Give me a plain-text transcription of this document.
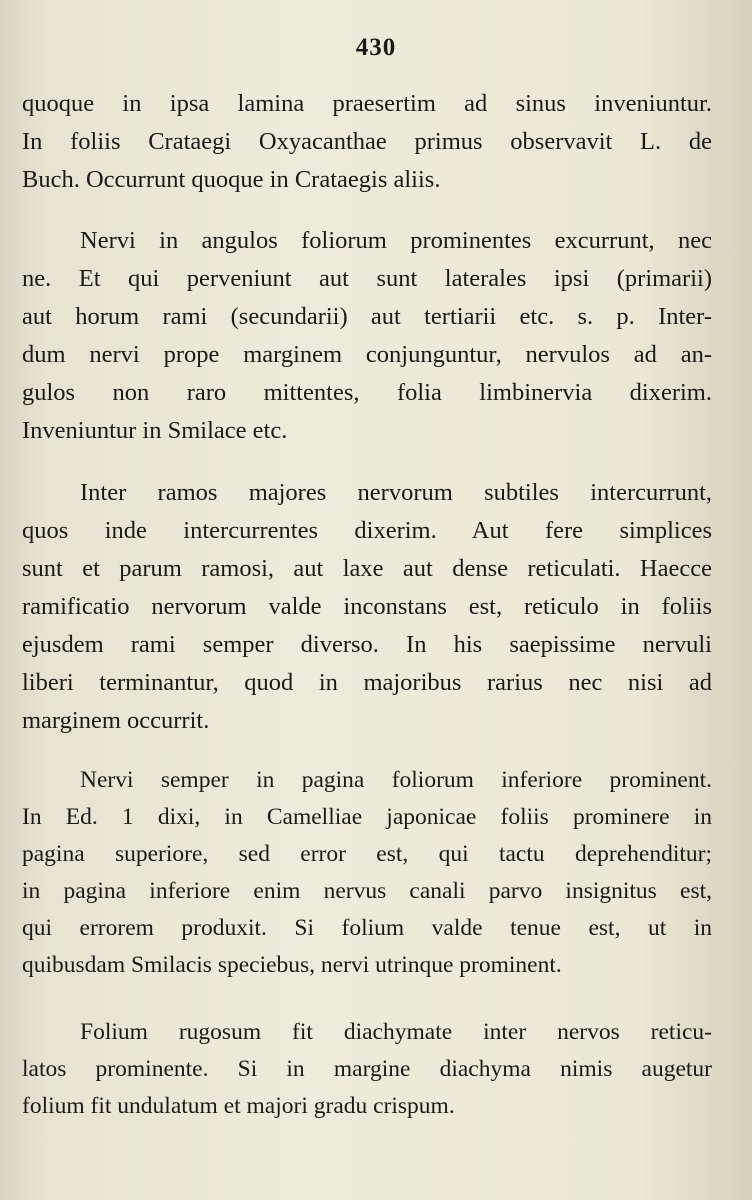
430
quoque in ipsa lamina praesertim ad sinus inveniuntur.
In foliis Crataegi Oxyacanthae primus observavit L. de
Buch. Occurrunt quoque in Crataegis aliis.
Nervi in angulos foliorum prominentes excurrunt, nec
ne. Et qui perveniunt aut sunt laterales ipsi (primarii)
aut horum rami (secundarii) aut tertiarii etc. s. p. Inter-
dum nervi prope marginem conjunguntur, nervulos ad an-
gulos non raro mittentes, folia limbinervia dixerim.
Inveniuntur in Smilace etc.
Inter ramos majores nervorum subtiles intercurrunt,
quos inde intercurrentes dixerim. Aut fere simplices
sunt et parum ramosi, aut laxe aut dense reticulati. Haecce
ramificatio nervorum valde inconstans est, reticulo in foliis
ejusdem rami semper diverso. In his saepissime nervuli
liberi terminantur, quod in majoribus rarius nec nisi ad
marginem occurrit.
Nervi semper in pagina foliorum inferiore prominent.
In Ed. 1 dixi, in Camelliae japonicae foliis prominere in
pagina superiore, sed error est, qui tactu deprehenditur;
in pagina inferiore enim nervus canali parvo insignitus est,
qui errorem produxit. Si folium valde tenue est, ut in
quibusdam Smilacis speciebus, nervi utrinque prominent.
Folium rugosum fit diachymate inter nervos reticu-
latos prominente. Si in margine diachyma nimis augetur
folium fit undulatum et majori gradu crispum.
